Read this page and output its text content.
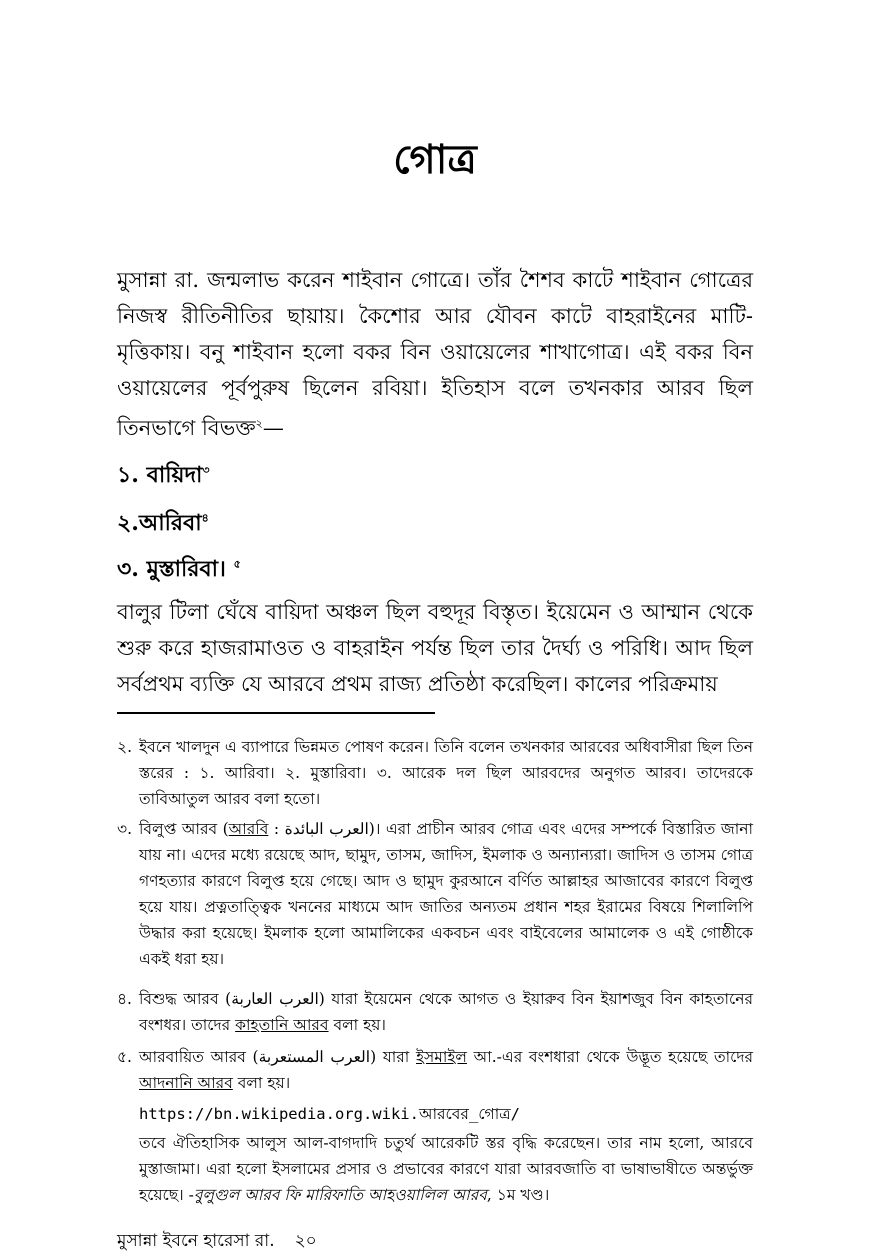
গোত্র
মুসান্না রা. জন্মলাভ করেন শাইবান গোত্রে। তাঁর শৈশব কাটে শাইবান গোত্রের নিজস্ব রীতিনীতির ছায়ায়। কৈশোর আর যৌবন কাটে বাহরাইনের মাটি-মৃত্তিকায়। বনু শাইবান হলো বকর বিন ওয়ায়েলের শাখাগোত্র। এই বকর বিন ওয়ায়েলের পূর্বপুরুষ ছিলেন রবিয়া। ইতিহাস বলে তখনকার আরব ছিল তিনভাগে বিভক্ত$^২$—
১. বায়িদা$^৩$
২.আরিবা$^৪$
৩. মুস্তারিবা। $^৫$
বালুর টিলা ঘেঁষে বায়িদা অঞ্চল ছিল বহুদূর বিস্তৃত। ইয়েমেন ও আম্মান থেকে শুরু করে হাজরামাওত ও বাহরাইন পর্যন্ত ছিল তার দৈর্ঘ্য ও পরিধি। আদ ছিল সর্বপ্রথম ব্যক্তি যে আরবে প্রথম রাজ্য প্রতিষ্ঠা করেছিল। কালের পরিক্রমায়
২. ইবনে খালদুন এ ব্যাপারে ভিন্নমত পোষণ করেন। তিনি বলেন তখনকার আরবের অধিবাসীরা ছিল তিন স্তরের : ১. আরিবা। ২. মুস্তারিবা। ৩. আরেক দল ছিল আরবদের অনুগত আরব। তাদেরকে তাবিআতুল আরব বলা হতো।
৩. বিলুপ্ত আরব (আরবি : العرب البائدة)। এরা প্রাচীন আরব গোত্র এবং এদের সম্পর্কে বিস্তারিত জানা যায় না। এদের মধ্যে রয়েছে আদ, ছামুদ, তাসম, জাদিস, ইমলাক ও অন্যান্যরা। জাদিস ও তাসম গোত্র গণহত্যার কারণে বিলুপ্ত হয়ে গেছে। আদ ও ছামুদ কুরআনে বর্ণিত আল্লাহর আজাবের কারণে বিলুপ্ত হয়ে যায়। প্রত্নতাত্ত্বিক খননের মাধ্যমে আদ জাতির অন্যতম প্রধান শহর ইরামের বিষয়ে শিলালিপি উদ্ধার করা হয়েছে। ইমলাক হলো আমালিকের একবচন এবং বাইবেলের আমালেক ও এই গোষ্ঠীকে একই ধরা হয়।
৪. বিশুদ্ধ আরব (العرب العاربة) যারা ইয়েমেন থেকে আগত ও ইয়ারুব বিন ইয়াশজুব বিন কাহতানের বংশধর। তাদের কাহতানি আরব বলা হয়।
৫. আরবায়িত আরব (العرب المستعربة) যারা ইসমাইল আ.-এর বংশধারা থেকে উদ্ভূত হয়েছে তাদের আদনানি আরব বলা হয়।
https://bn.wikipedia.org.wiki.আরবের_গোত্র/
তবে ঐতিহাসিক আলুস আল-বাগদাদি চতুর্থ আরেকটি স্তর বৃদ্ধি করেছেন। তার নাম হলো, আরবে মুস্তাজামা। এরা হলো ইসলামের প্রসার ও প্রভাবের কারণে যারা আরবজাতি বা ভাষাভাষীতে অন্তর্ভুক্ত হয়েছে। -বুলুগুল আরব ফি মারিফাতি আহওয়ালিল আরব, ১ম খণ্ড।
মুসান্না ইবনে হারেসা রা. ২০
